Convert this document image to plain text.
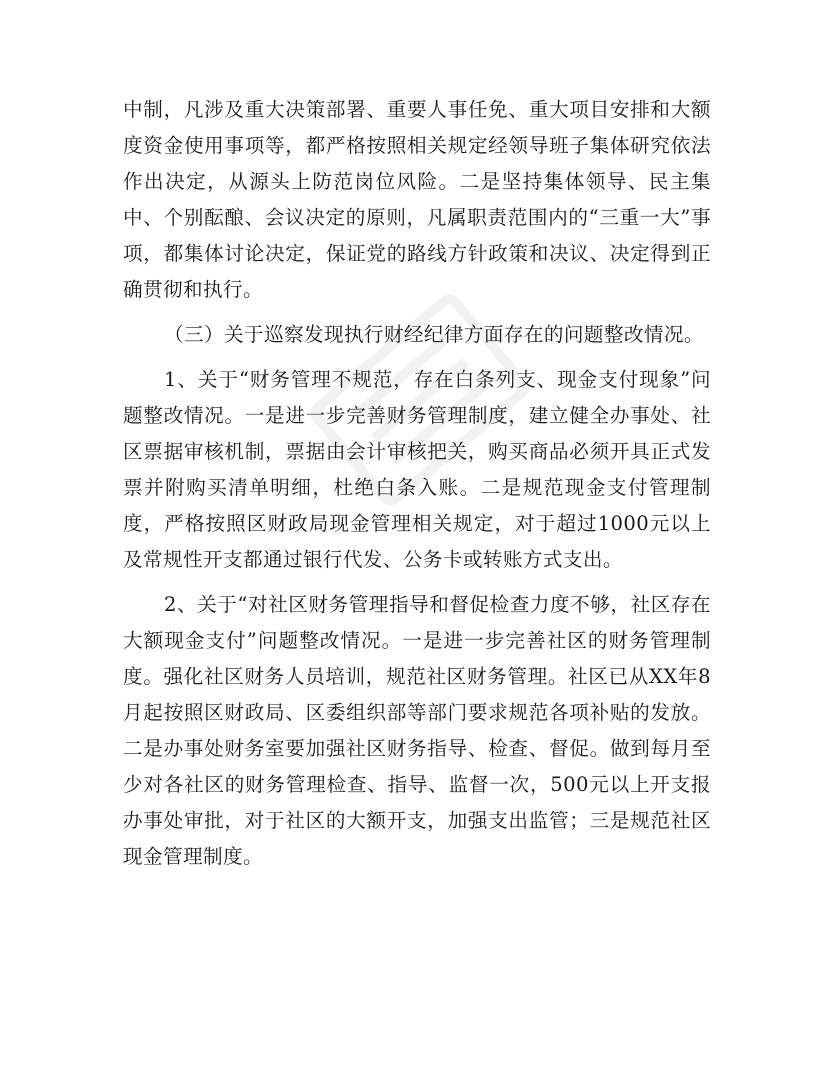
中制，凡涉及重大决策部署、重要人事任免、重大项目安排和大额度资金使用事项等，都严格按照相关规定经领导班子集体研究依法作出决定，从源头上防范岗位风险。二是坚持集体领导、民主集中、个别酝酿、会议决定的原则，凡属职责范围内的“三重一大”事项，都集体讨论决定，保证党的路线方针政策和决议、决定得到正确贯彻和执行。

（三）关于巡察发现执行财经纪律方面存在的问题整改情况。

1、关于“财务管理不规范，存在白条列支、现金支付现象”问题整改情况。一是进一步完善财务管理制度，建立健全办事处、社区票据审核机制，票据由会计审核把关，购买商品必须开具正式发票并附购买清单明细，杜绝白条入账。二是规范现金支付管理制度，严格按照区财政局现金管理相关规定，对于超过1000元以上及常规性开支都通过银行代发、公务卡或转账方式支出。

2、关于“对社区财务管理指导和督促检查力度不够，社区存在大额现金支付”问题整改情况。一是进一步完善社区的财务管理制度。强化社区财务人员培训，规范社区财务管理。社区已从XX年8月起按照区财政局、区委组织部等部门要求规范各项补贴的发放。二是办事处财务室要加强社区财务指导、检查、督促。做到每月至少对各社区的财务管理检查、指导、监督一次，500元以上开支报办事处审批，对于社区的大额开支，加强支出监管；三是规范社区现金管理制度。
